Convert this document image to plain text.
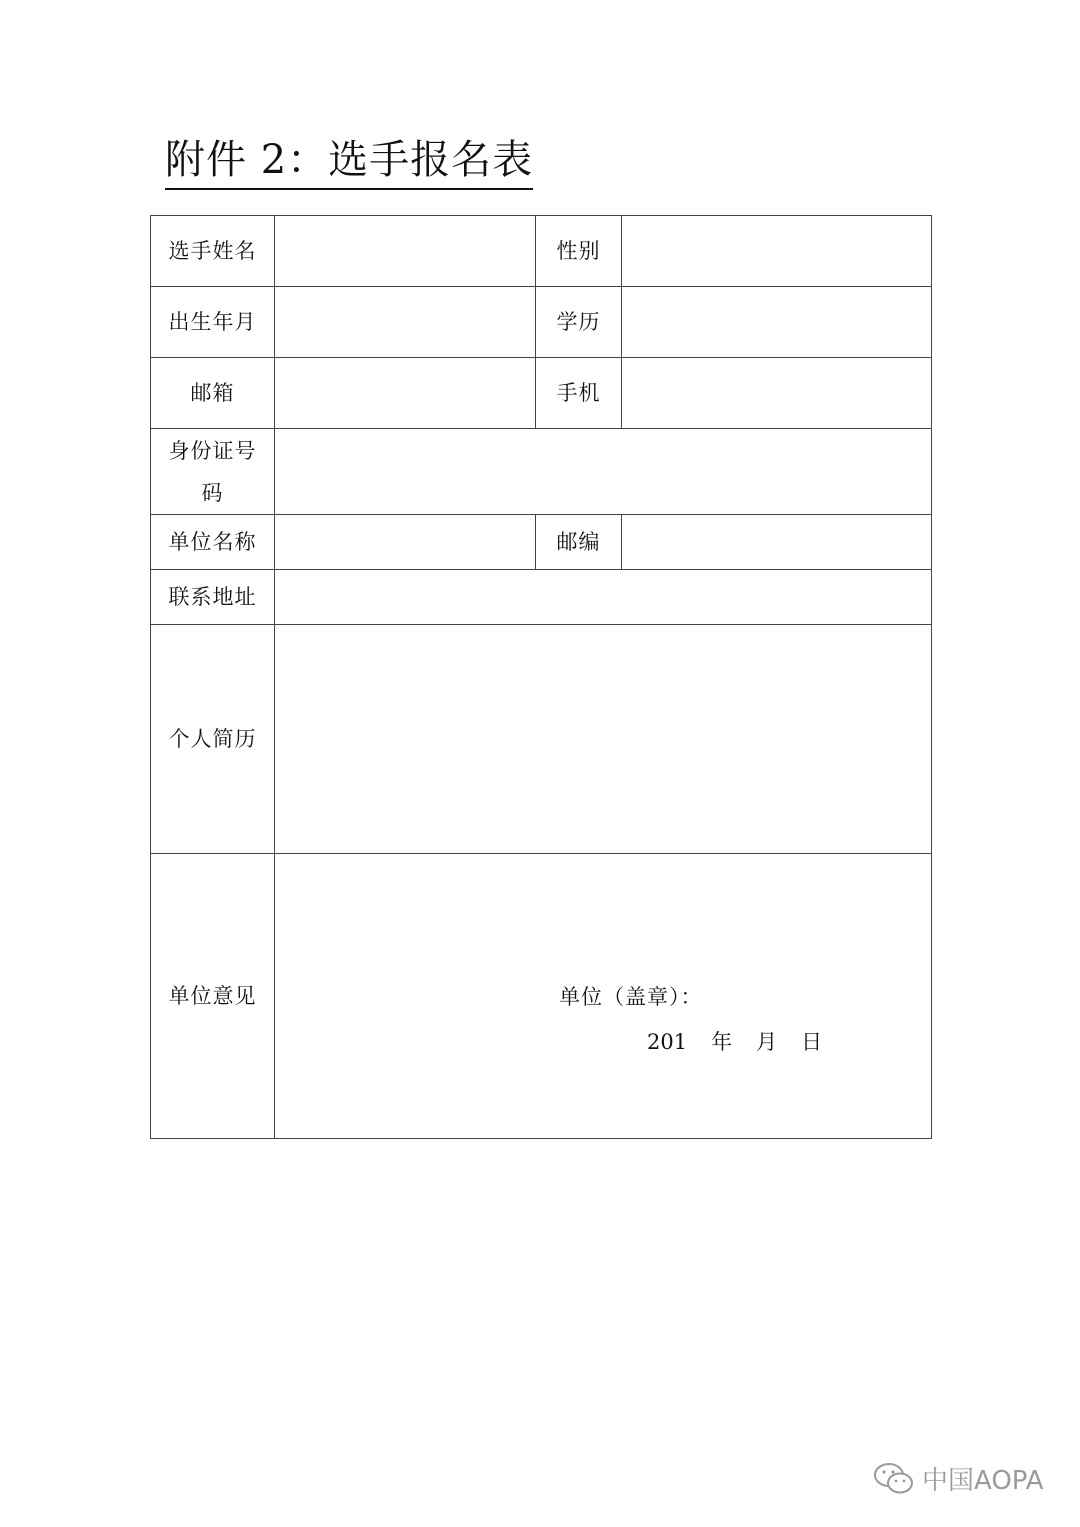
附件 2：选手报名表
选手姓名		性别	
出生年月		学历	
邮箱		手机	

身份证号
码			

单位名称		邮编	
联系地址			
个人简历			
单位意见	单位（盖章）：
201 年 月 日		
中国AOPA
